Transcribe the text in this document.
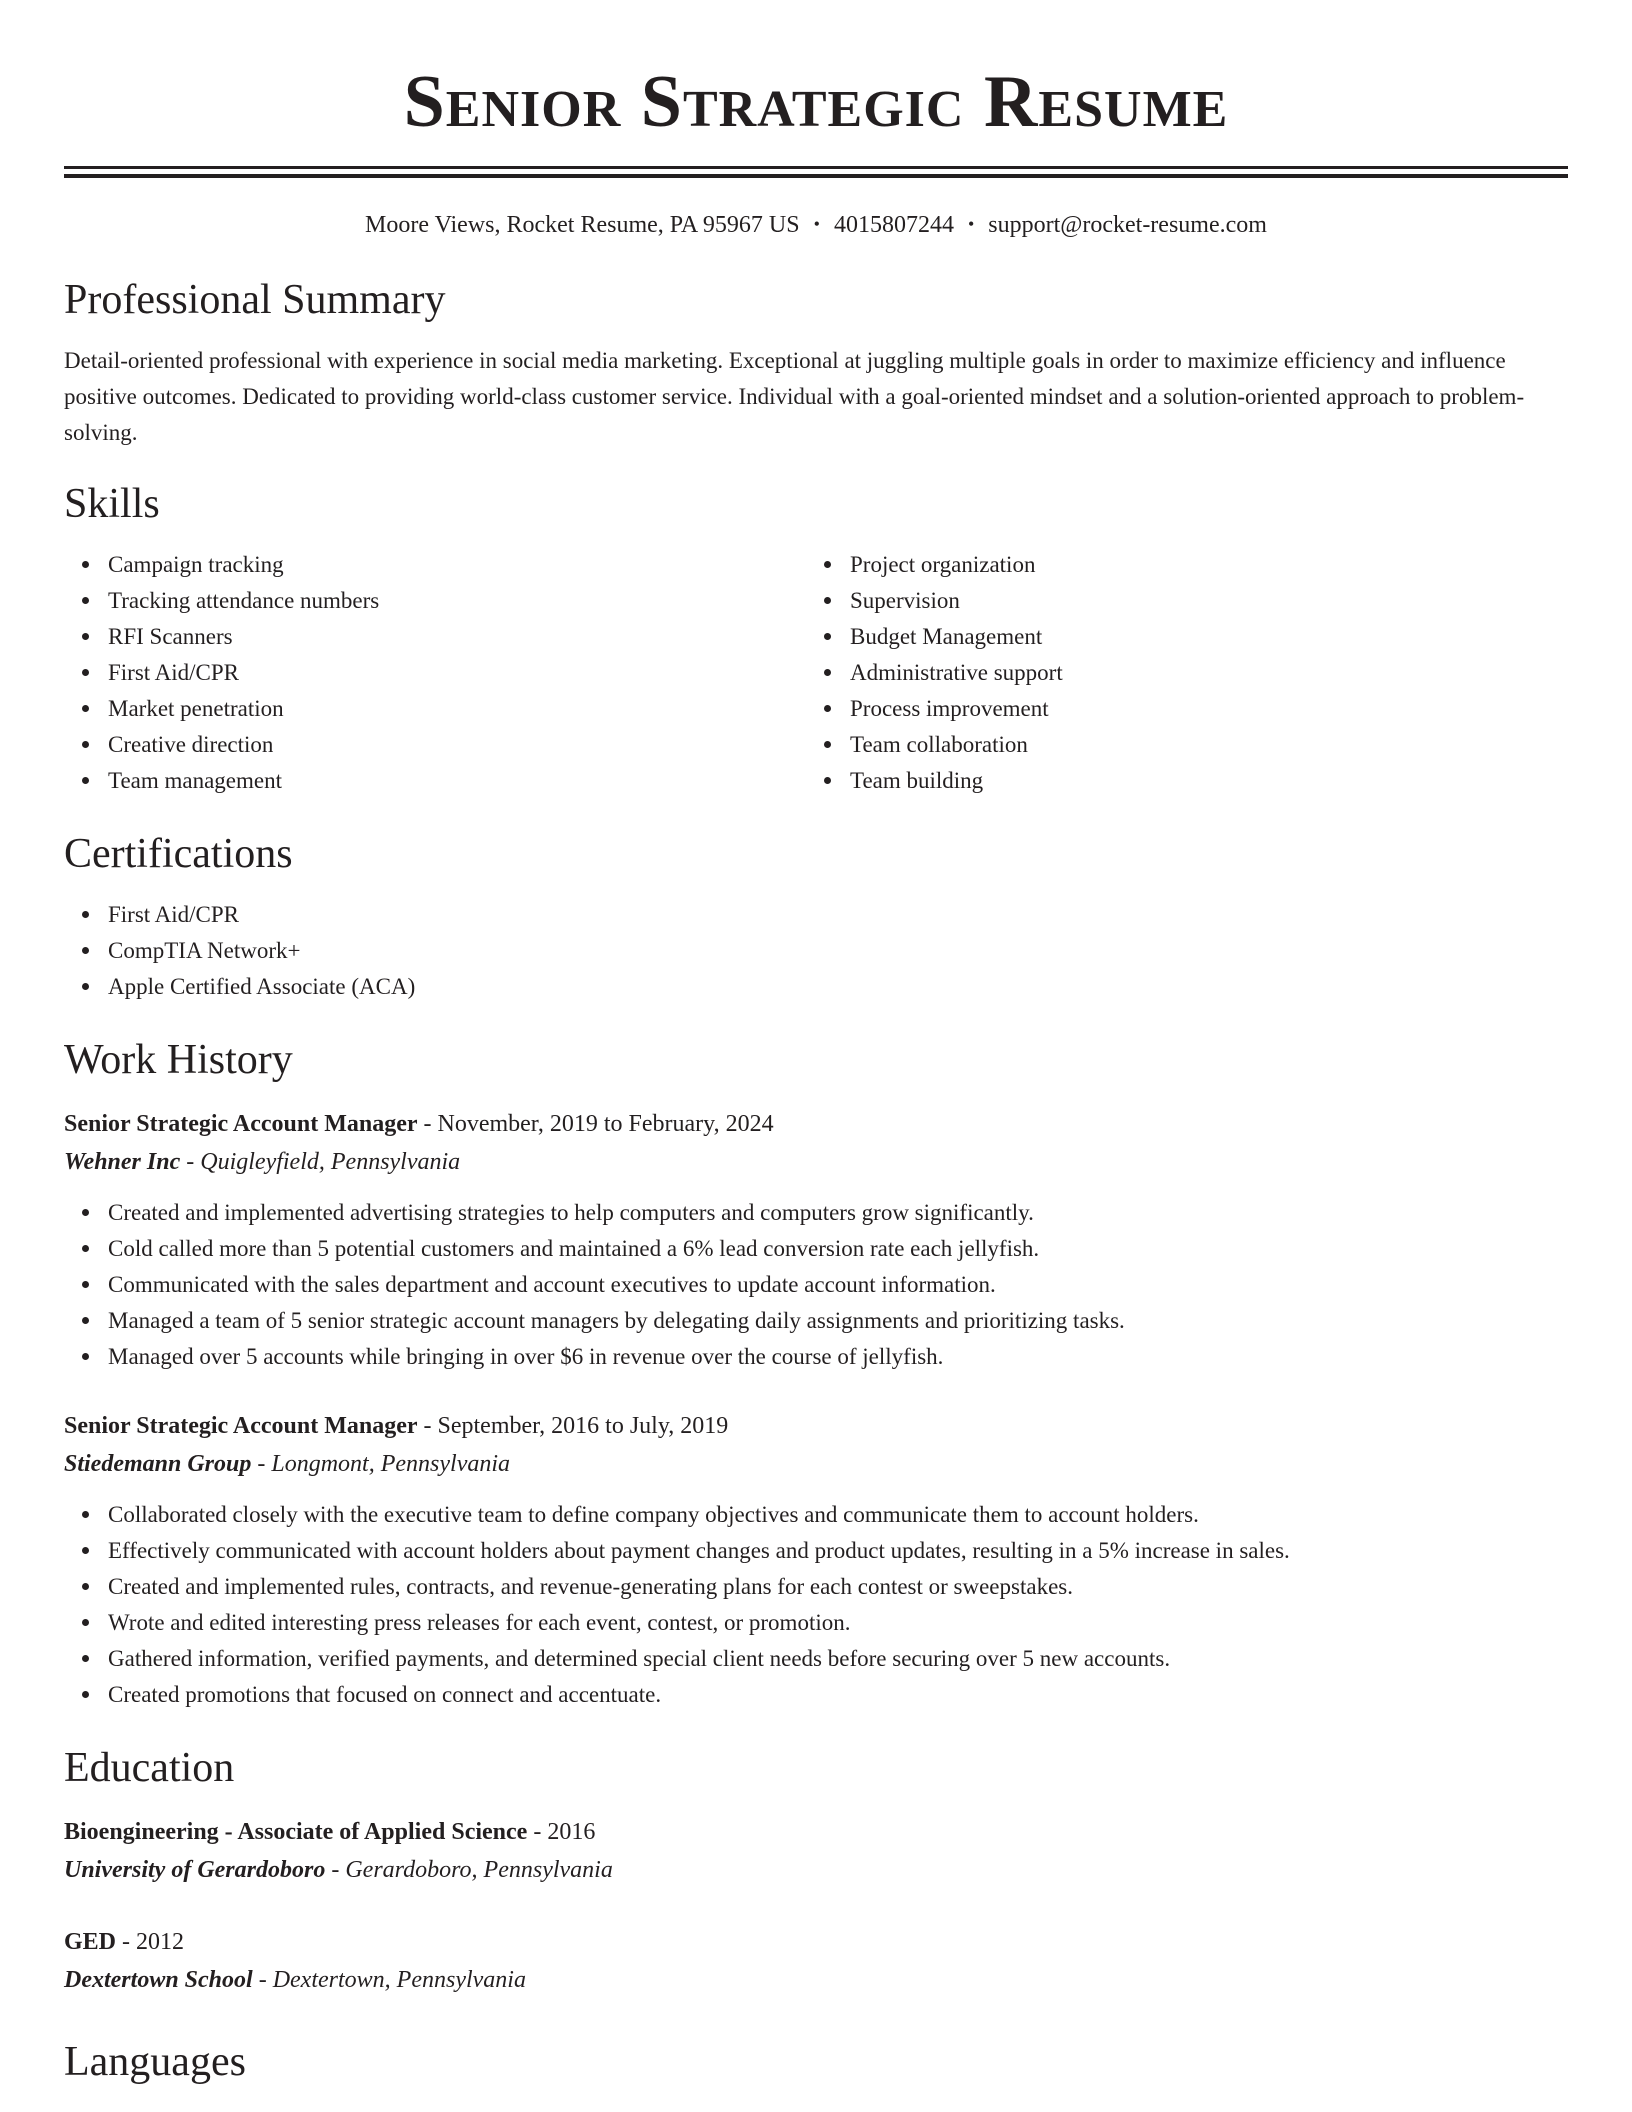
Senior Strategic Resume
Moore Views, Rocket Resume, PA 95967 US • 4015807244 • support@rocket-resume.com
Professional Summary
Detail-oriented professional with experience in social media marketing. Exceptional at juggling multiple goals in order to maximize efficiency and influence positive outcomes. Dedicated to providing world-class customer service. Individual with a goal-oriented mindset and a solution-oriented approach to problem-solving.
Skills
Campaign tracking
Tracking attendance numbers
RFI Scanners
First Aid/CPR
Market penetration
Creative direction
Team management
Project organization
Supervision
Budget Management
Administrative support
Process improvement
Team collaboration
Team building
Certifications
First Aid/CPR
CompTIA Network+
Apple Certified Associate (ACA)
Work History
Senior Strategic Account Manager - November, 2019 to February, 2024
Wehner Inc - Quigleyfield, Pennsylvania
Created and implemented advertising strategies to help computers and computers grow significantly.
Cold called more than 5 potential customers and maintained a 6% lead conversion rate each jellyfish.
Communicated with the sales department and account executives to update account information.
Managed a team of 5 senior strategic account managers by delegating daily assignments and prioritizing tasks.
Managed over 5 accounts while bringing in over $6 in revenue over the course of jellyfish.
Senior Strategic Account Manager - September, 2016 to July, 2019
Stiedemann Group - Longmont, Pennsylvania
Collaborated closely with the executive team to define company objectives and communicate them to account holders.
Effectively communicated with account holders about payment changes and product updates, resulting in a 5% increase in sales.
Created and implemented rules, contracts, and revenue-generating plans for each contest or sweepstakes.
Wrote and edited interesting press releases for each event, contest, or promotion.
Gathered information, verified payments, and determined special client needs before securing over 5 new accounts.
Created promotions that focused on connect and accentuate.
Education
Bioengineering - Associate of Applied Science - 2016
University of Gerardoboro - Gerardoboro, Pennsylvania
GED - 2012
Dextertown School - Dextertown, Pennsylvania
Languages
